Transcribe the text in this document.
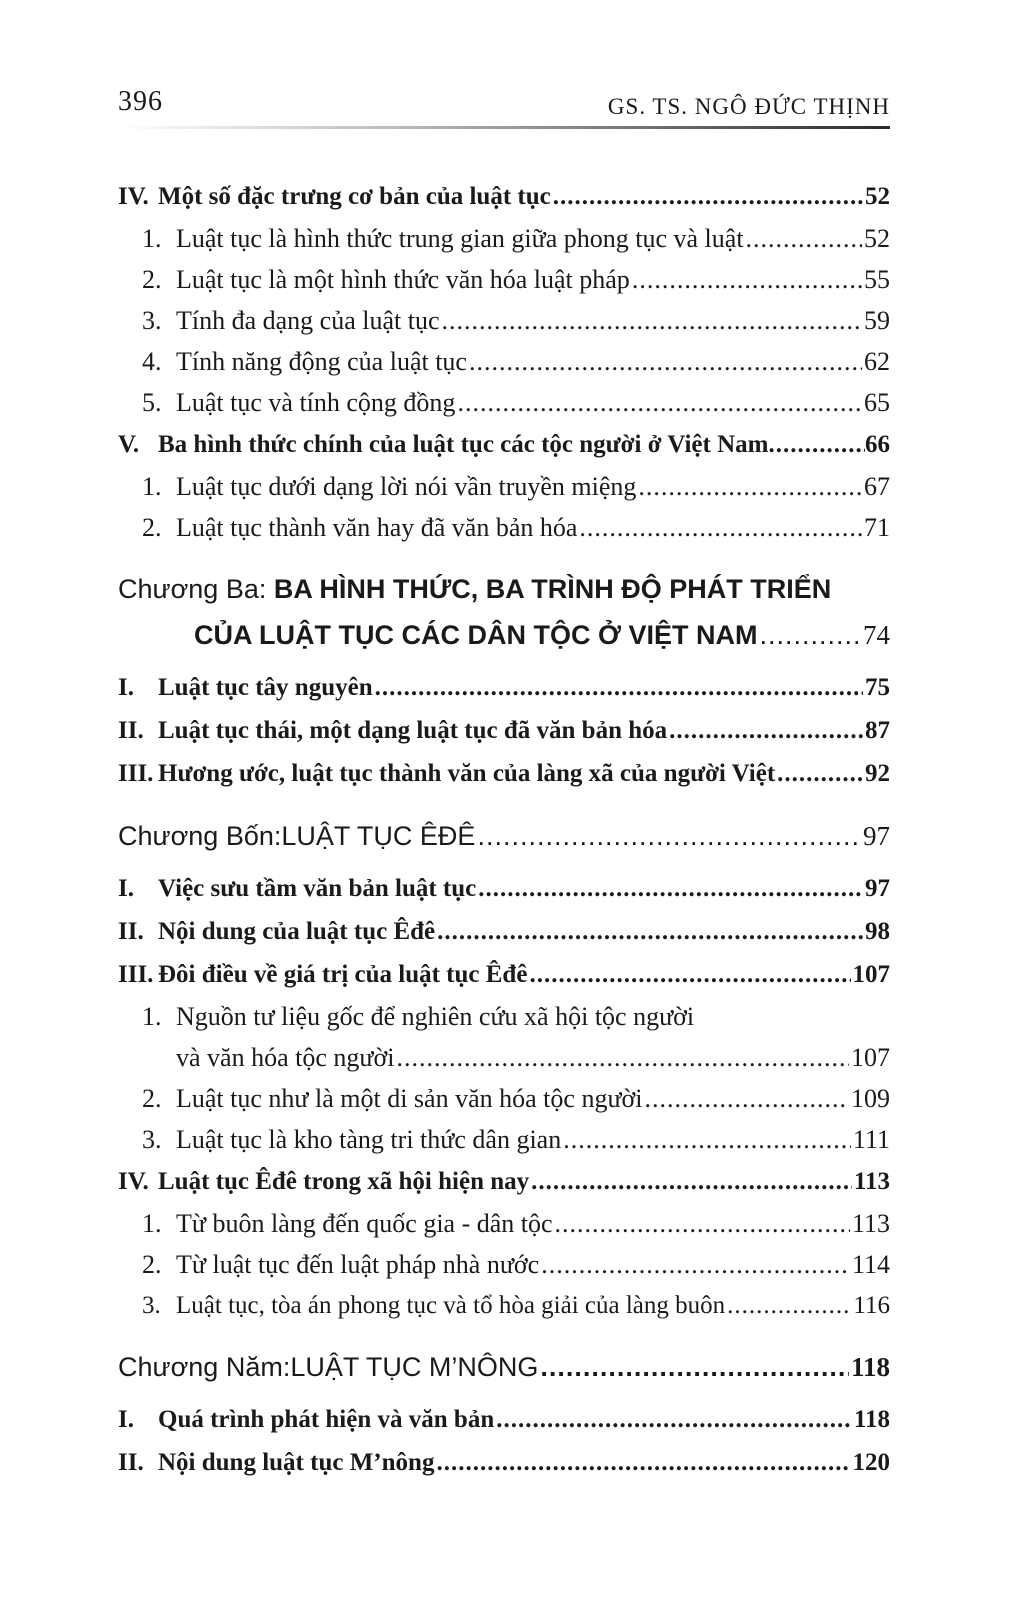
396	GS. TS. NGÔ ĐỨC THỊNH
IV. Một số đặc trưng cơ bản của luật tục .....	52
1. Luật tục là hình thức trung gian giữa phong tục và luật .....	52
2. Luật tục là một hình thức văn hóa luật pháp .....	55
3. Tính đa dạng của luật tục .....	59
4. Tính năng động của luật tục .....	62
5. Luật tục và tính cộng đồng .....	65
V. Ba hình thức chính của luật tục các tộc người ở Việt Nam .....	66
1. Luật tục dưới dạng lời nói vần truyền miệng .....	67
2. Luật tục thành văn hay đã văn bản hóa .....	71
Chương Ba: BA HÌNH THỨC, BA TRÌNH ĐỘ PHÁT TRIỂN
CỦA LUẬT TỤC CÁC DÂN TỘC Ở VIỆT NAM .....	74
I. Luật tục tây nguyên .....	75
II. Luật tục thái, một dạng luật tục đã văn bản hóa .....	87
III. Hương ước, luật tục thành văn của làng xã của người Việt .....	92
Chương Bốn: LUẬT TỤC ÊĐÊ .....	97
I. Việc sưu tầm văn bản luật tục .....	97
II. Nội dung của luật tục Êđê .....	98
III. Đôi điều về giá trị của luật tục Êđê .....	107
1. Nguồn tư liệu gốc để nghiên cứu xã hội tộc người
và văn hóa tộc người .....	107
2. Luật tục như là một di sản văn hóa tộc người .....	109
3. Luật tục là kho tàng tri thức dân gian .....	111
IV. Luật tục Êđê trong xã hội hiện nay .....	113
1. Từ buôn làng đến quốc gia - dân tộc .....	113
2. Từ luật tục đến luật pháp nhà nước .....	114
3. Luật tục, tòa án phong tục và tổ hòa giải của làng buôn .....	116
Chương Năm: LUẬT TỤC M’NÔNG .....	118
I. Quá trình phát hiện và văn bản .....	118
II. Nội dung luật tục M’nông .....	120
